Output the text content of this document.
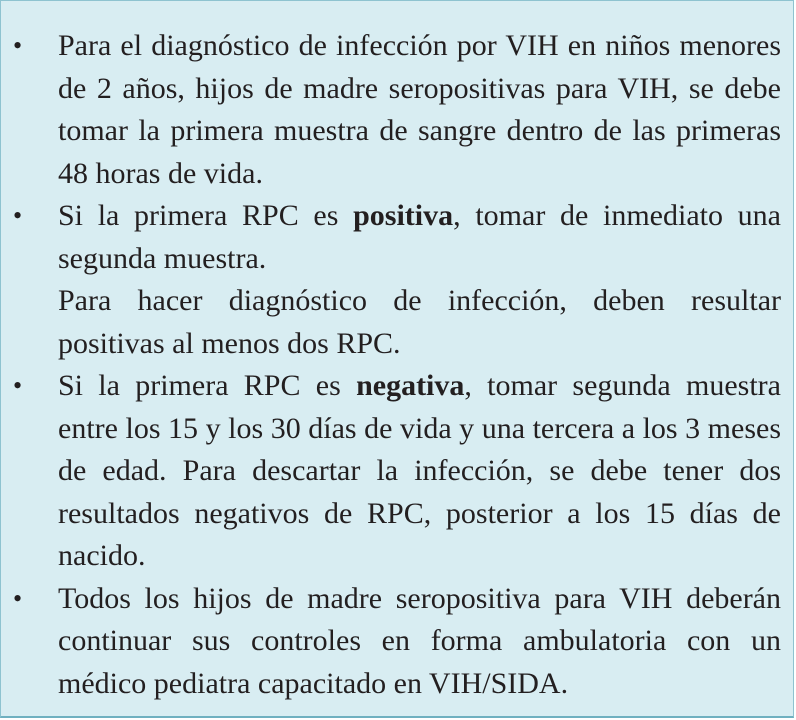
• Para el diagnóstico de infección por VIH en niños menores de 2 años, hijos de madre seropositivas para VIH, se debe tomar la primera muestra de sangre dentro de las primeras 48 horas de vida.
• Si la primera RPC es positiva, tomar de inmediato una segunda muestra.
Para hacer diagnóstico de infección, deben resultar positivas al menos dos RPC.
• Si la primera RPC es negativa, tomar segunda muestra entre los 15 y los 30 días de vida y una tercera a los 3 meses de edad. Para descartar la infección, se debe tener dos resultados negativos de RPC, posterior a los 15 días de nacido.
• Todos los hijos de madre seropositiva para VIH deberán continuar sus controles en forma ambulatoria con un médico pediatra capacitado en VIH/SIDA.
